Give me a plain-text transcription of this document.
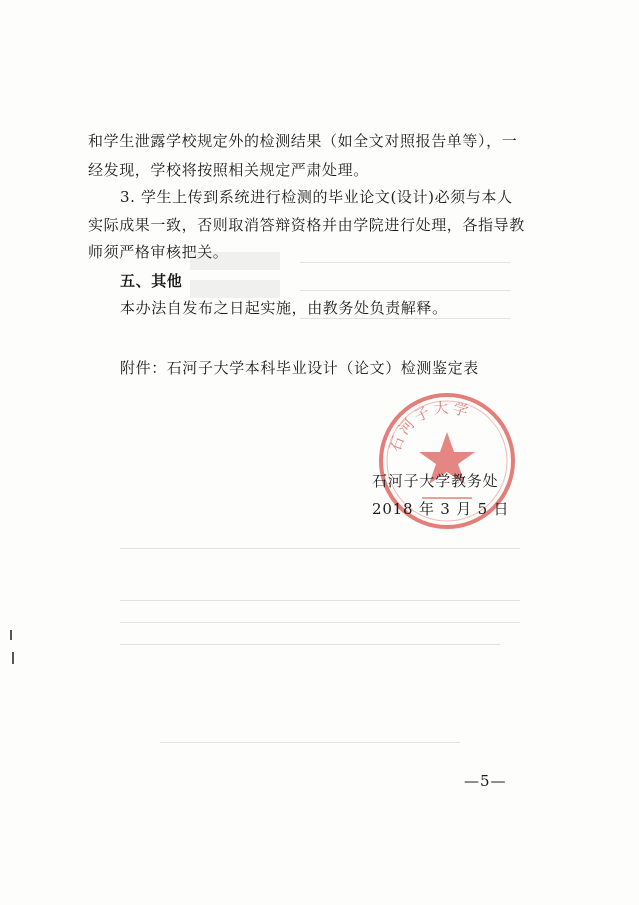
和学生泄露学校规定外的检测结果（如全文对照报告单等），一
经发现，学校将按照相关规定严肃处理。
3. 学生上传到系统进行检测的毕业论文(设计)必须与本人
实际成果一致，否则取消答辩资格并由学院进行处理，各指导教
师须严格审核把关。
五、其他
本办法自发布之日起实施，由教务处负责解释。
附件：石河子大学本科毕业设计（论文）检测鉴定表
石河子大学
石河子大学教务处
2018 年 3 月 5 日
—5—
